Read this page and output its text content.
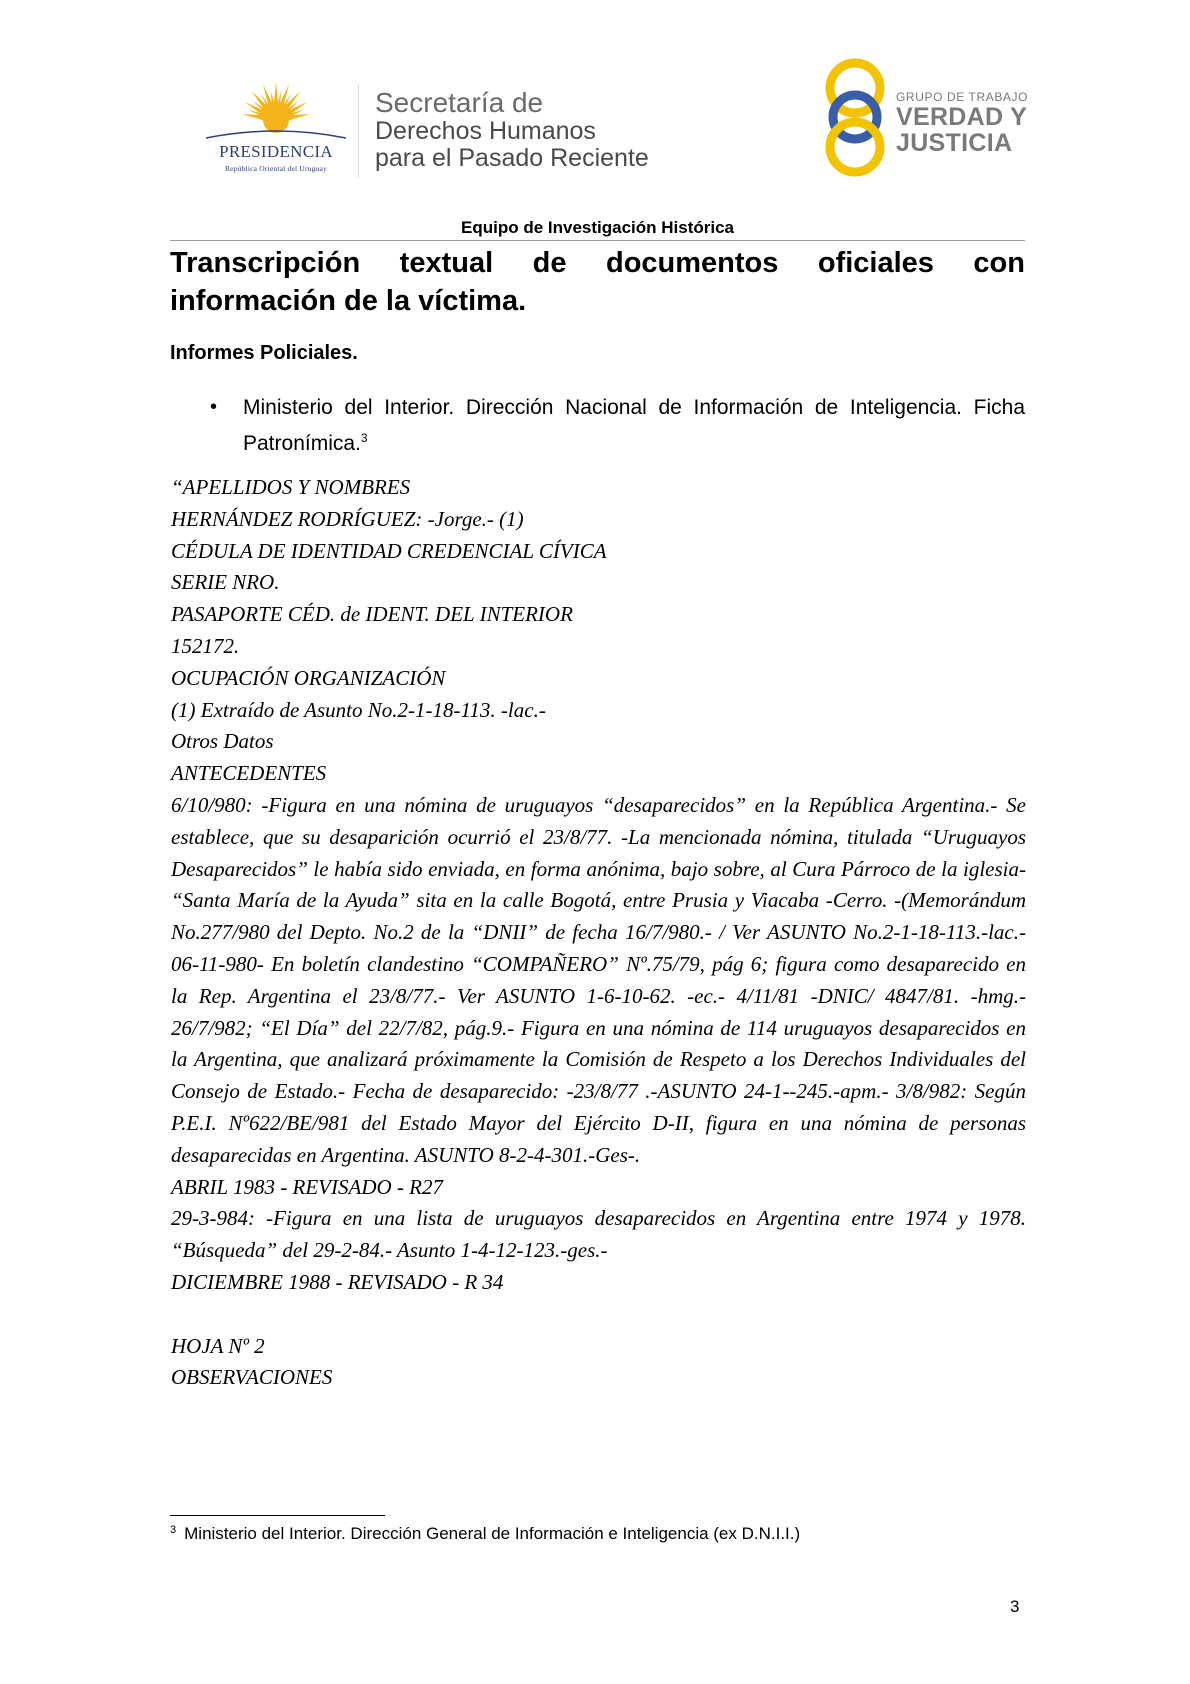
PRESIDENCIA
República Oriental del Uruguay
Secretaría de
Derechos Humanos
para el Pasado Reciente
GRUPO DE TRABAJO
VERDAD Y
JUSTICIA
Equipo de Investigación Histórica
Transcripción textual de documentos oficiales con información de la víctima.
Informes Policiales.
• Ministerio del Interior. Dirección Nacional de Información de Inteligencia. Ficha Patronímica.$^3$

“APELLIDOS Y NOMBRES

HERNÁNDEZ RODRÍGUEZ: -Jorge.- (1)

CÉDULA DE IDENTIDAD CREDENCIAL CÍVICA

SERIE NRO.

PASAPORTE CÉD. de IDENT. DEL INTERIOR

152172.

OCUPACIÓN ORGANIZACIÓN

(1) Extraído de Asunto No.2-1-18-113. -lac.-

Otros Datos

ANTECEDENTES

6/10/980: -Figura en una nómina de uruguayos “desaparecidos” en la República Argentina.- Se establece, que su desaparición ocurrió el 23/8/77. -La mencionada nómina, titulada “Uruguayos Desaparecidos” le había sido enviada, en forma anónima, bajo sobre, al Cura Párroco de la iglesia- “Santa María de la Ayuda” sita en la calle Bogotá, entre Prusia y Viacaba -Cerro. -(Memorándum No.277/980 del Depto. No.2 de la “DNII” de fecha 16/7/980.- / Ver ASUNTO No.2-1-18-113.-lac.- 06-11-980- En boletín clandestino “COMPAÑERO” Nº.75/79, pág 6; figura como desaparecido en la Rep. Argentina el 23/8/77.- Ver ASUNTO 1-6-10-62. -ec.- 4/11/81 -DNIC/ 4847/81. -hmg.- 26/7/982; “El Día” del 22/7/82, pág.9.- Figura en una nómina de 114 uruguayos desaparecidos en la Argentina, que analizará próximamente la Comisión de Respeto a los Derechos Individuales del Consejo de Estado.- Fecha de desaparecido: -23/8/77 .-ASUNTO 24-1--245.-apm.- 3/8/982: Según P.E.I. Nº622/BE/981 del Estado Mayor del Ejército D-II, figura en una nómina de personas desaparecidas en Argentina. ASUNTO 8-2-4-301.-Ges-.

ABRIL 1983 - REVISADO - R27

29-3-984: -Figura en una lista de uruguayos desaparecidos en Argentina entre 1974 y 1978. “Búsqueda” del 29-2-84.- Asunto 1-4-12-123.-ges.-

DICIEMBRE 1988 - REVISADO - R 34

HOJA Nº 2

OBSERVACIONES

$^3$ Ministerio del Interior. Dirección General de Información e Inteligencia (ex D.N.I.I.)
3
